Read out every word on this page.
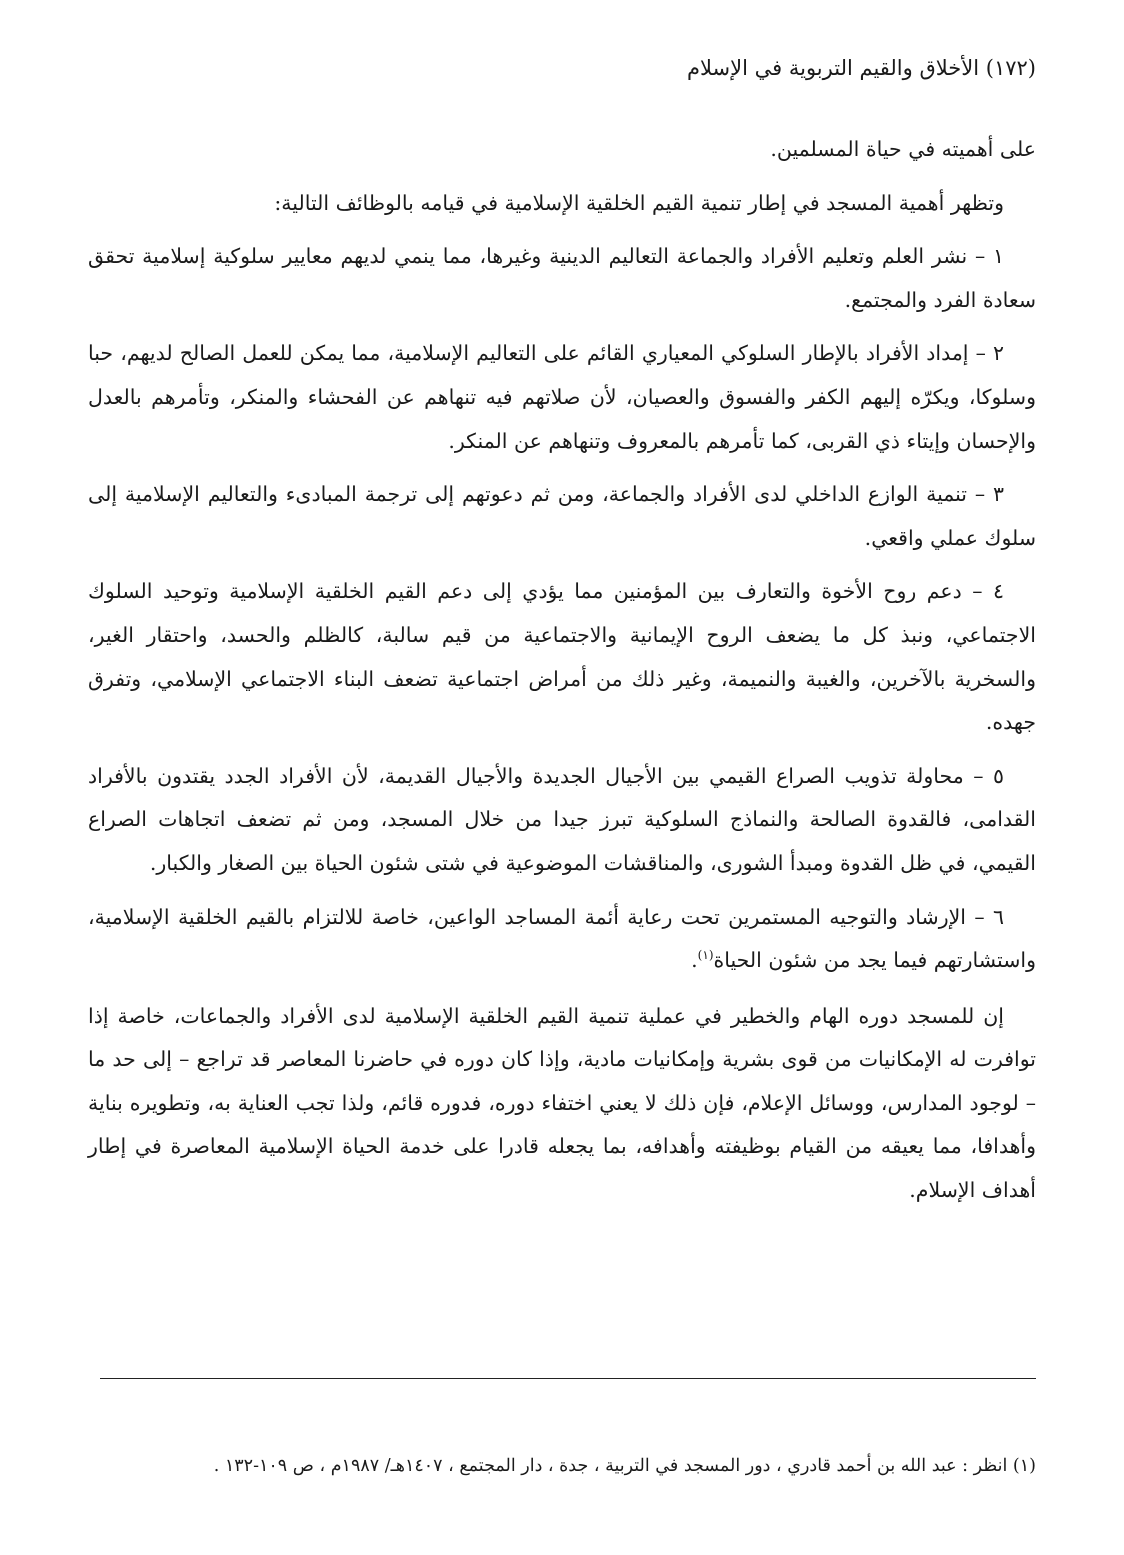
(١٧٢) الأخلاق والقيم التربوية في الإسلام

على أهميته في حياة المسلمين.

وتظهر أهمية المسجد في إطار تنمية القيم الخلقية الإسلامية في قيامه بالوظائف التالية:

١ – نشر العلم وتعليم الأفراد والجماعة التعاليم الدينية وغيرها، مما ينمي لديهم معايير سلوكية إسلامية تحقق سعادة الفرد والمجتمع.

٢ – إمداد الأفراد بالإطار السلوكي المعياري القائم على التعاليم الإسلامية، مما يمكن للعمل الصالح لديهم، حبا وسلوكا، ويكرّه إليهم الكفر والفسوق والعصيان، لأن صلاتهم فيه تنهاهم عن الفحشاء والمنكر، وتأمرهم بالعدل والإحسان وإيتاء ذي القربى، كما تأمرهم بالمعروف وتنهاهم عن المنكر.

٣ – تنمية الوازع الداخلي لدى الأفراد والجماعة، ومن ثم دعوتهم إلى ترجمة المبادىء والتعاليم الإسلامية إلى سلوك عملي واقعي.

٤ – دعم روح الأخوة والتعارف بين المؤمنين مما يؤدي إلى دعم القيم الخلقية الإسلامية وتوحيد السلوك الاجتماعي، ونبذ كل ما يضعف الروح الإيمانية والاجتماعية من قيم سالبة، كالظلم والحسد، واحتقار الغير، والسخرية بالآخرين، والغيبة والنميمة، وغير ذلك من أمراض اجتماعية تضعف البناء الاجتماعي الإسلامي، وتفرق جهده.

٥ – محاولة تذويب الصراع القيمي بين الأجيال الجديدة والأجيال القديمة، لأن الأفراد الجدد يقتدون بالأفراد القدامى، فالقدوة الصالحة والنماذج السلوكية تبرز جيدا من خلال المسجد، ومن ثم تضعف اتجاهات الصراع القيمي، في ظل القدوة ومبدأ الشورى، والمناقشات الموضوعية في شتى شئون الحياة بين الصغار والكبار.

٦ – الإرشاد والتوجيه المستمرين تحت رعاية أئمة المساجد الواعين، خاصة للالتزام بالقيم الخلقية الإسلامية، واستشارتهم فيما يجد من شئون الحياة$^{(١)}$.

إن للمسجد دوره الهام والخطير في عملية تنمية القيم الخلقية الإسلامية لدى الأفراد والجماعات، خاصة إذا توافرت له الإمكانيات من قوى بشرية وإمكانيات مادية، وإذا كان دوره في حاضرنا المعاصر قد تراجع – إلى حد ما – لوجود المدارس، ووسائل الإعلام، فإن ذلك لا يعني اختفاء دوره، فدوره قائم، ولذا تجب العناية به، وتطويره بناية وأهدافا، مما يعيقه من القيام بوظيفته وأهدافه، بما يجعله قادرا على خدمة الحياة الإسلامية المعاصرة في إطار أهداف الإسلام.

(١) انظر : عبد الله بن أحمد قادري ، دور المسجد في التربية ، جدة ، دار المجتمع ، ١٤٠٧هـ/ ١٩٨٧م ، ص ١٠٩-١٣٢ .
